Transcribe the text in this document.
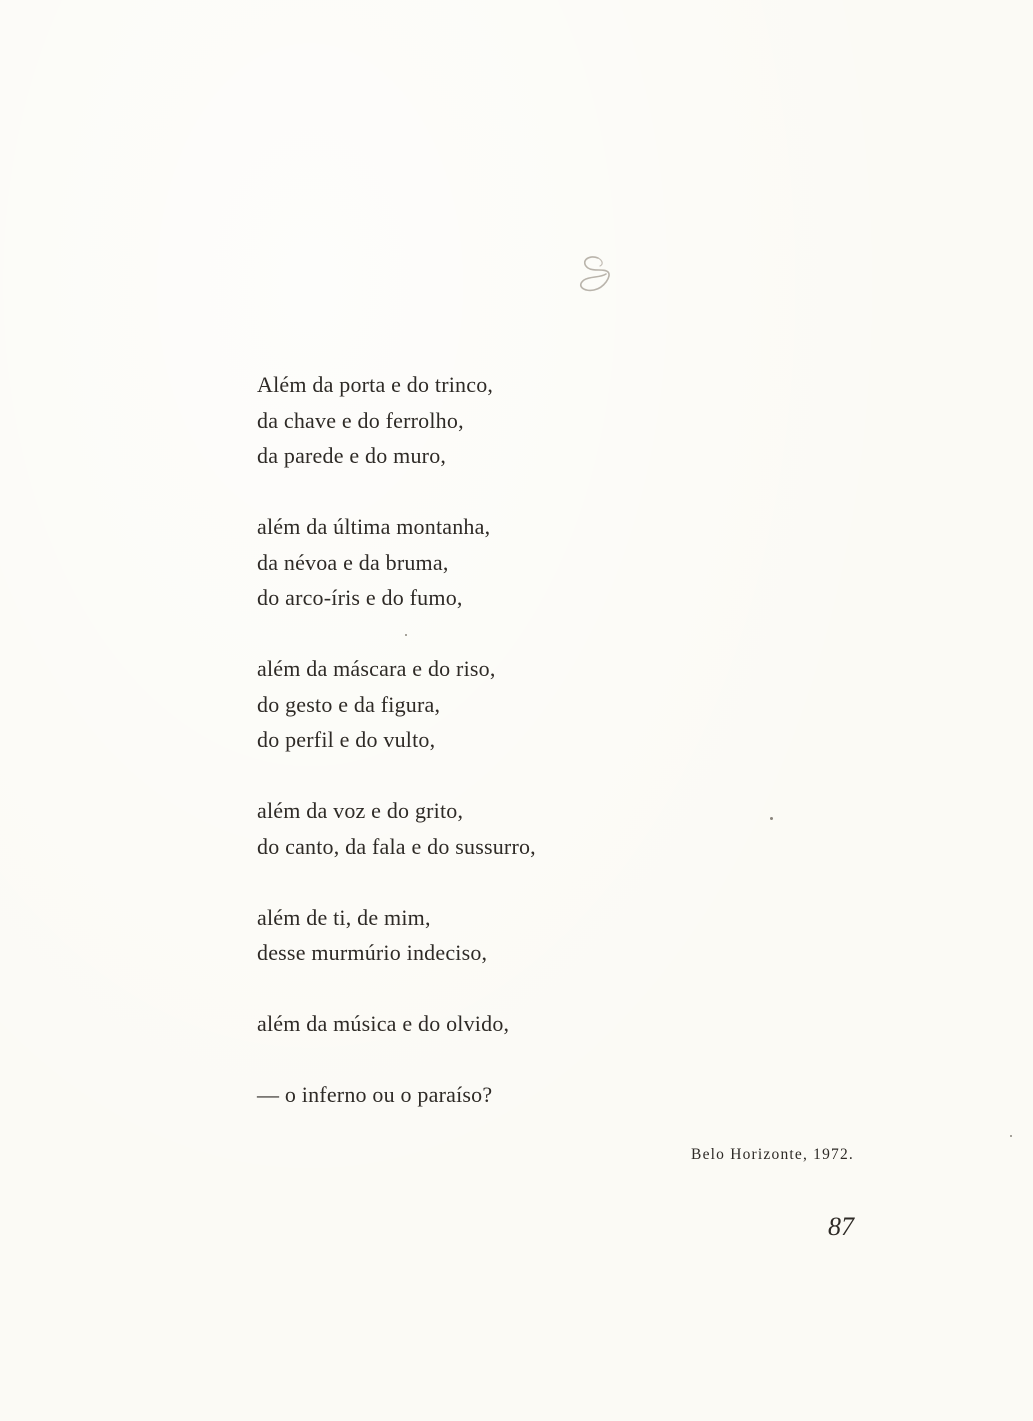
Além da porta e do trinco,
da chave e do ferrolho,
da parede e do muro,
além da última montanha,
da névoa e da bruma,
do arco-íris e do fumo,
além da máscara e do riso,
do gesto e da figura,
do perfil e do vulto,
além da voz e do grito,
do canto, da fala e do sussurro,
além de ti, de mim,
desse murmúrio indeciso,
além da música e do olvido,
— o inferno ou o paraíso?
Belo Horizonte, 1972.
87
